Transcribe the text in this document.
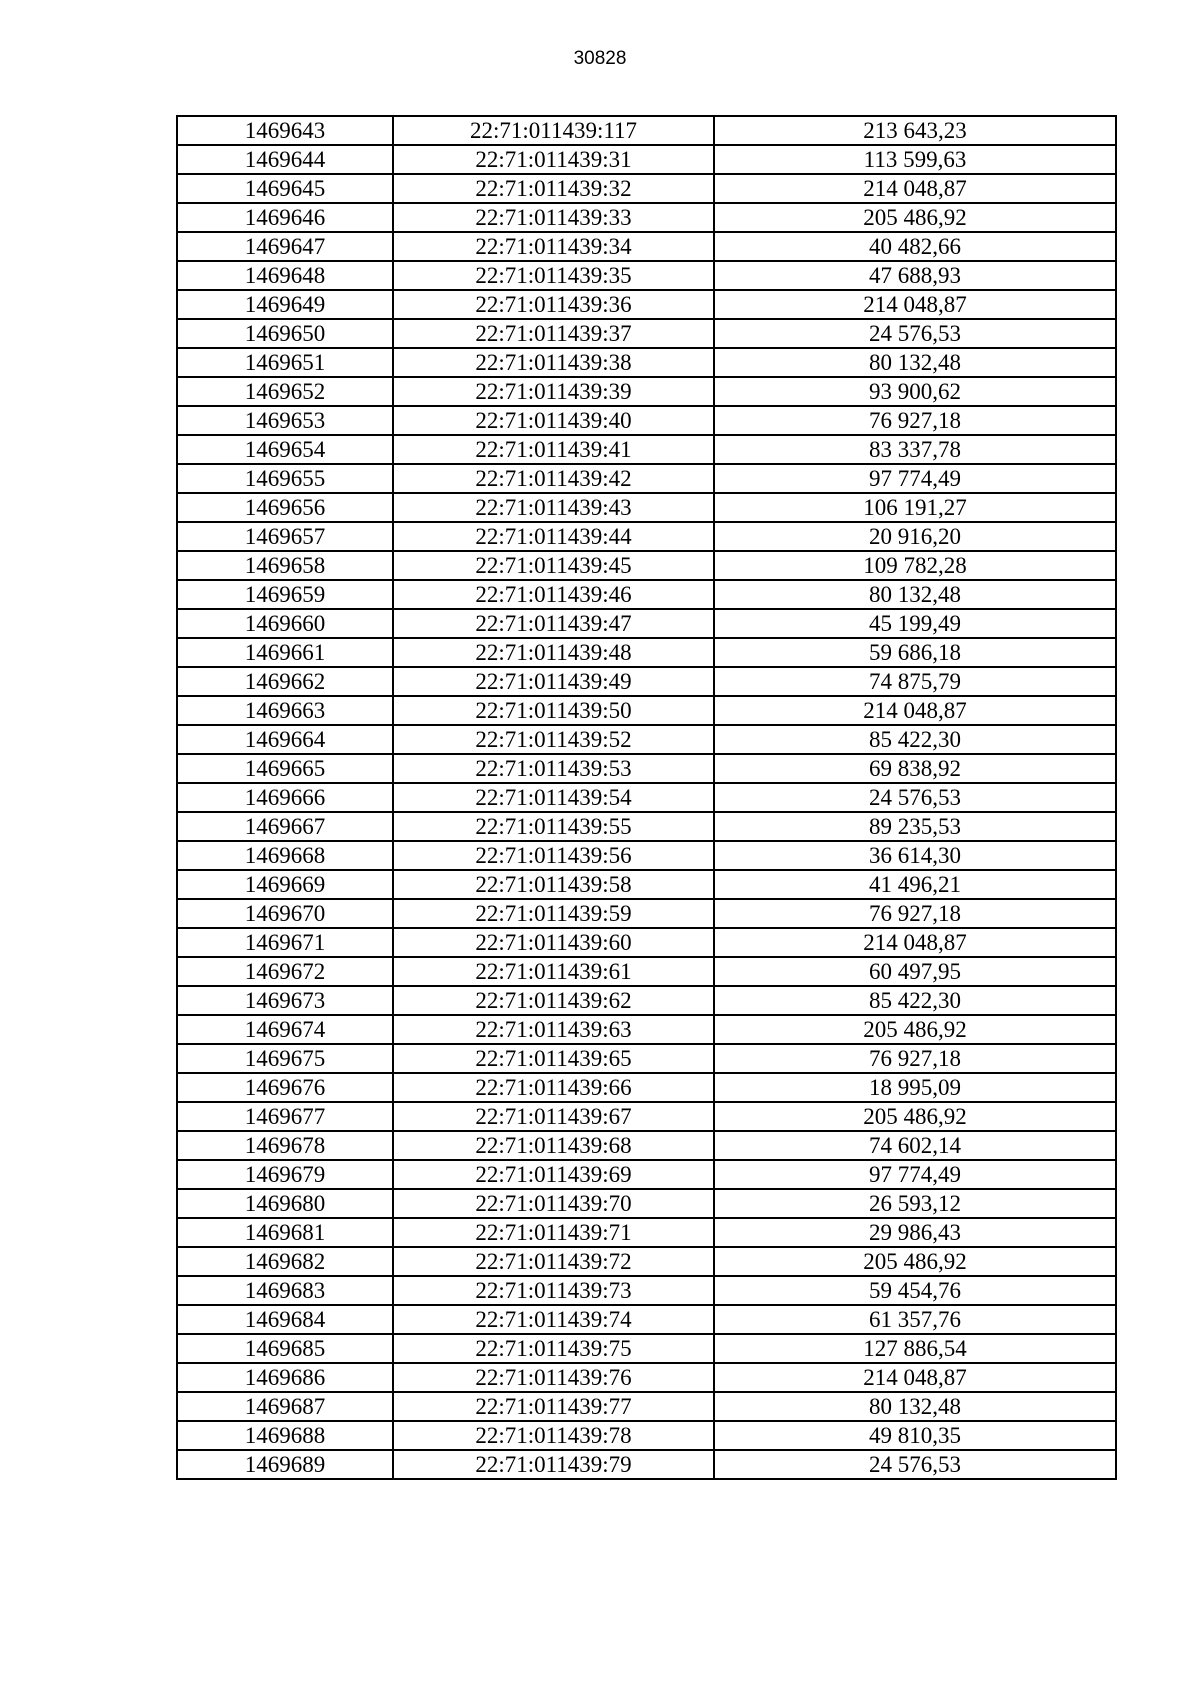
30828
1469643	22:71:011439:117	213 643,23
1469644	22:71:011439:31	113 599,63
1469645	22:71:011439:32	214 048,87
1469646	22:71:011439:33	205 486,92
1469647	22:71:011439:34	40 482,66
1469648	22:71:011439:35	47 688,93
1469649	22:71:011439:36	214 048,87
1469650	22:71:011439:37	24 576,53
1469651	22:71:011439:38	80 132,48
1469652	22:71:011439:39	93 900,62
1469653	22:71:011439:40	76 927,18
1469654	22:71:011439:41	83 337,78
1469655	22:71:011439:42	97 774,49
1469656	22:71:011439:43	106 191,27
1469657	22:71:011439:44	20 916,20
1469658	22:71:011439:45	109 782,28
1469659	22:71:011439:46	80 132,48
1469660	22:71:011439:47	45 199,49
1469661	22:71:011439:48	59 686,18
1469662	22:71:011439:49	74 875,79
1469663	22:71:011439:50	214 048,87
1469664	22:71:011439:52	85 422,30
1469665	22:71:011439:53	69 838,92
1469666	22:71:011439:54	24 576,53
1469667	22:71:011439:55	89 235,53
1469668	22:71:011439:56	36 614,30
1469669	22:71:011439:58	41 496,21
1469670	22:71:011439:59	76 927,18
1469671	22:71:011439:60	214 048,87
1469672	22:71:011439:61	60 497,95
1469673	22:71:011439:62	85 422,30
1469674	22:71:011439:63	205 486,92
1469675	22:71:011439:65	76 927,18
1469676	22:71:011439:66	18 995,09
1469677	22:71:011439:67	205 486,92
1469678	22:71:011439:68	74 602,14
1469679	22:71:011439:69	97 774,49
1469680	22:71:011439:70	26 593,12
1469681	22:71:011439:71	29 986,43
1469682	22:71:011439:72	205 486,92
1469683	22:71:011439:73	59 454,76
1469684	22:71:011439:74	61 357,76
1469685	22:71:011439:75	127 886,54
1469686	22:71:011439:76	214 048,87
1469687	22:71:011439:77	80 132,48
1469688	22:71:011439:78	49 810,35
1469689	22:71:011439:79	24 576,53
